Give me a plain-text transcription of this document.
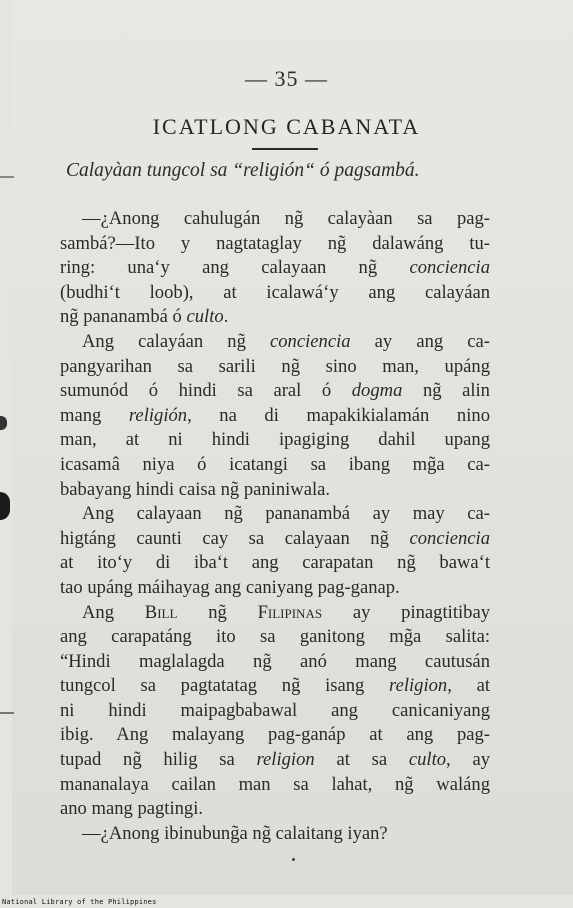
— 35 —
ICATLONG CABANATA
Calayàan tungcol sa “religión“ ó pagsambá.
—¿Anong cahulugán ng̃ calayàan sa pag-
sambá?—Ito y nagtataglay ng̃ dalawáng tu-
ring: una‘y ang calayaan ng̃ conciencia
(budhi‘t loob), at icalawá‘y ang calayáan
ng̃ pananambá ó culto.
Ang calayáan ng̃ conciencia ay ang ca-
pangyarihan sa sarili ng̃ sino man, upáng
sumunód ó hindi sa aral ó dogma ng̃ alin
mang religión, na di mapakikialamán nino
man, at ni hindi ipagiging dahil upang
icasamâ niya ó icatangi sa ibang mg̃a ca-
babayang hindi caisa ng̃ paniniwala.
Ang calayaan ng̃ pananambá ay may ca-
higtáng caunti cay sa calayaan ng̃ conciencia
at ito‘y di iba‘t ang carapatan ng̃ bawa‘t
tao upáng máihayag ang caniyang pag-ganap.
Ang Bill ng̃ Filipinas ay pinagtitibay
ang carapatáng ito sa ganitong mg̃a salita:
“Hindi maglalagda ng̃ anó mang cautusán
tungcol sa pagtatatag ng̃ isang religion, at
ni hindi maipagbabawal ang canicaniyang
ibig. Ang malayang pag-ganáp at ang pag-
tupad ng̃ hilig sa religion at sa culto, ay
mananalaya cailan man sa lahat, ng̃ waláng
ano mang pagtingi.
—¿Anong ibinubung̃a ng̃ calaitang iyan?
National Library of the Philippines
